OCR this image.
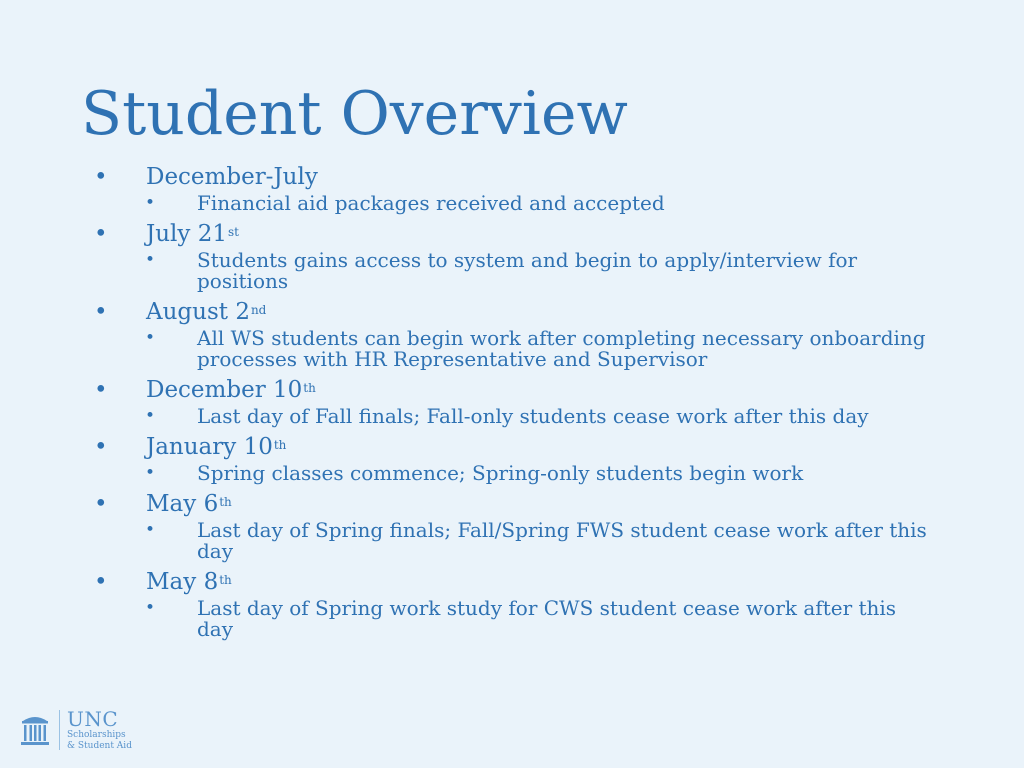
Student Overview
• December-July
• Financial aid packages received and accepted
• July 21st
• Students gains access to system and begin to apply/interview for positions
• August 2nd
• All WS students can begin work after completing necessary onboarding processes with HR Representative and Supervisor
• December 10th
• Last day of Fall finals; Fall-only students cease work after this day
• January 10th
• Spring classes commence; Spring-only students begin work
• May 6th
• Last day of Spring finals; Fall/Spring FWS student cease work after this day
• May 8th
• Last day of Spring work study for CWS student cease work after this day
UNC
Scholarships
& Student Aid
